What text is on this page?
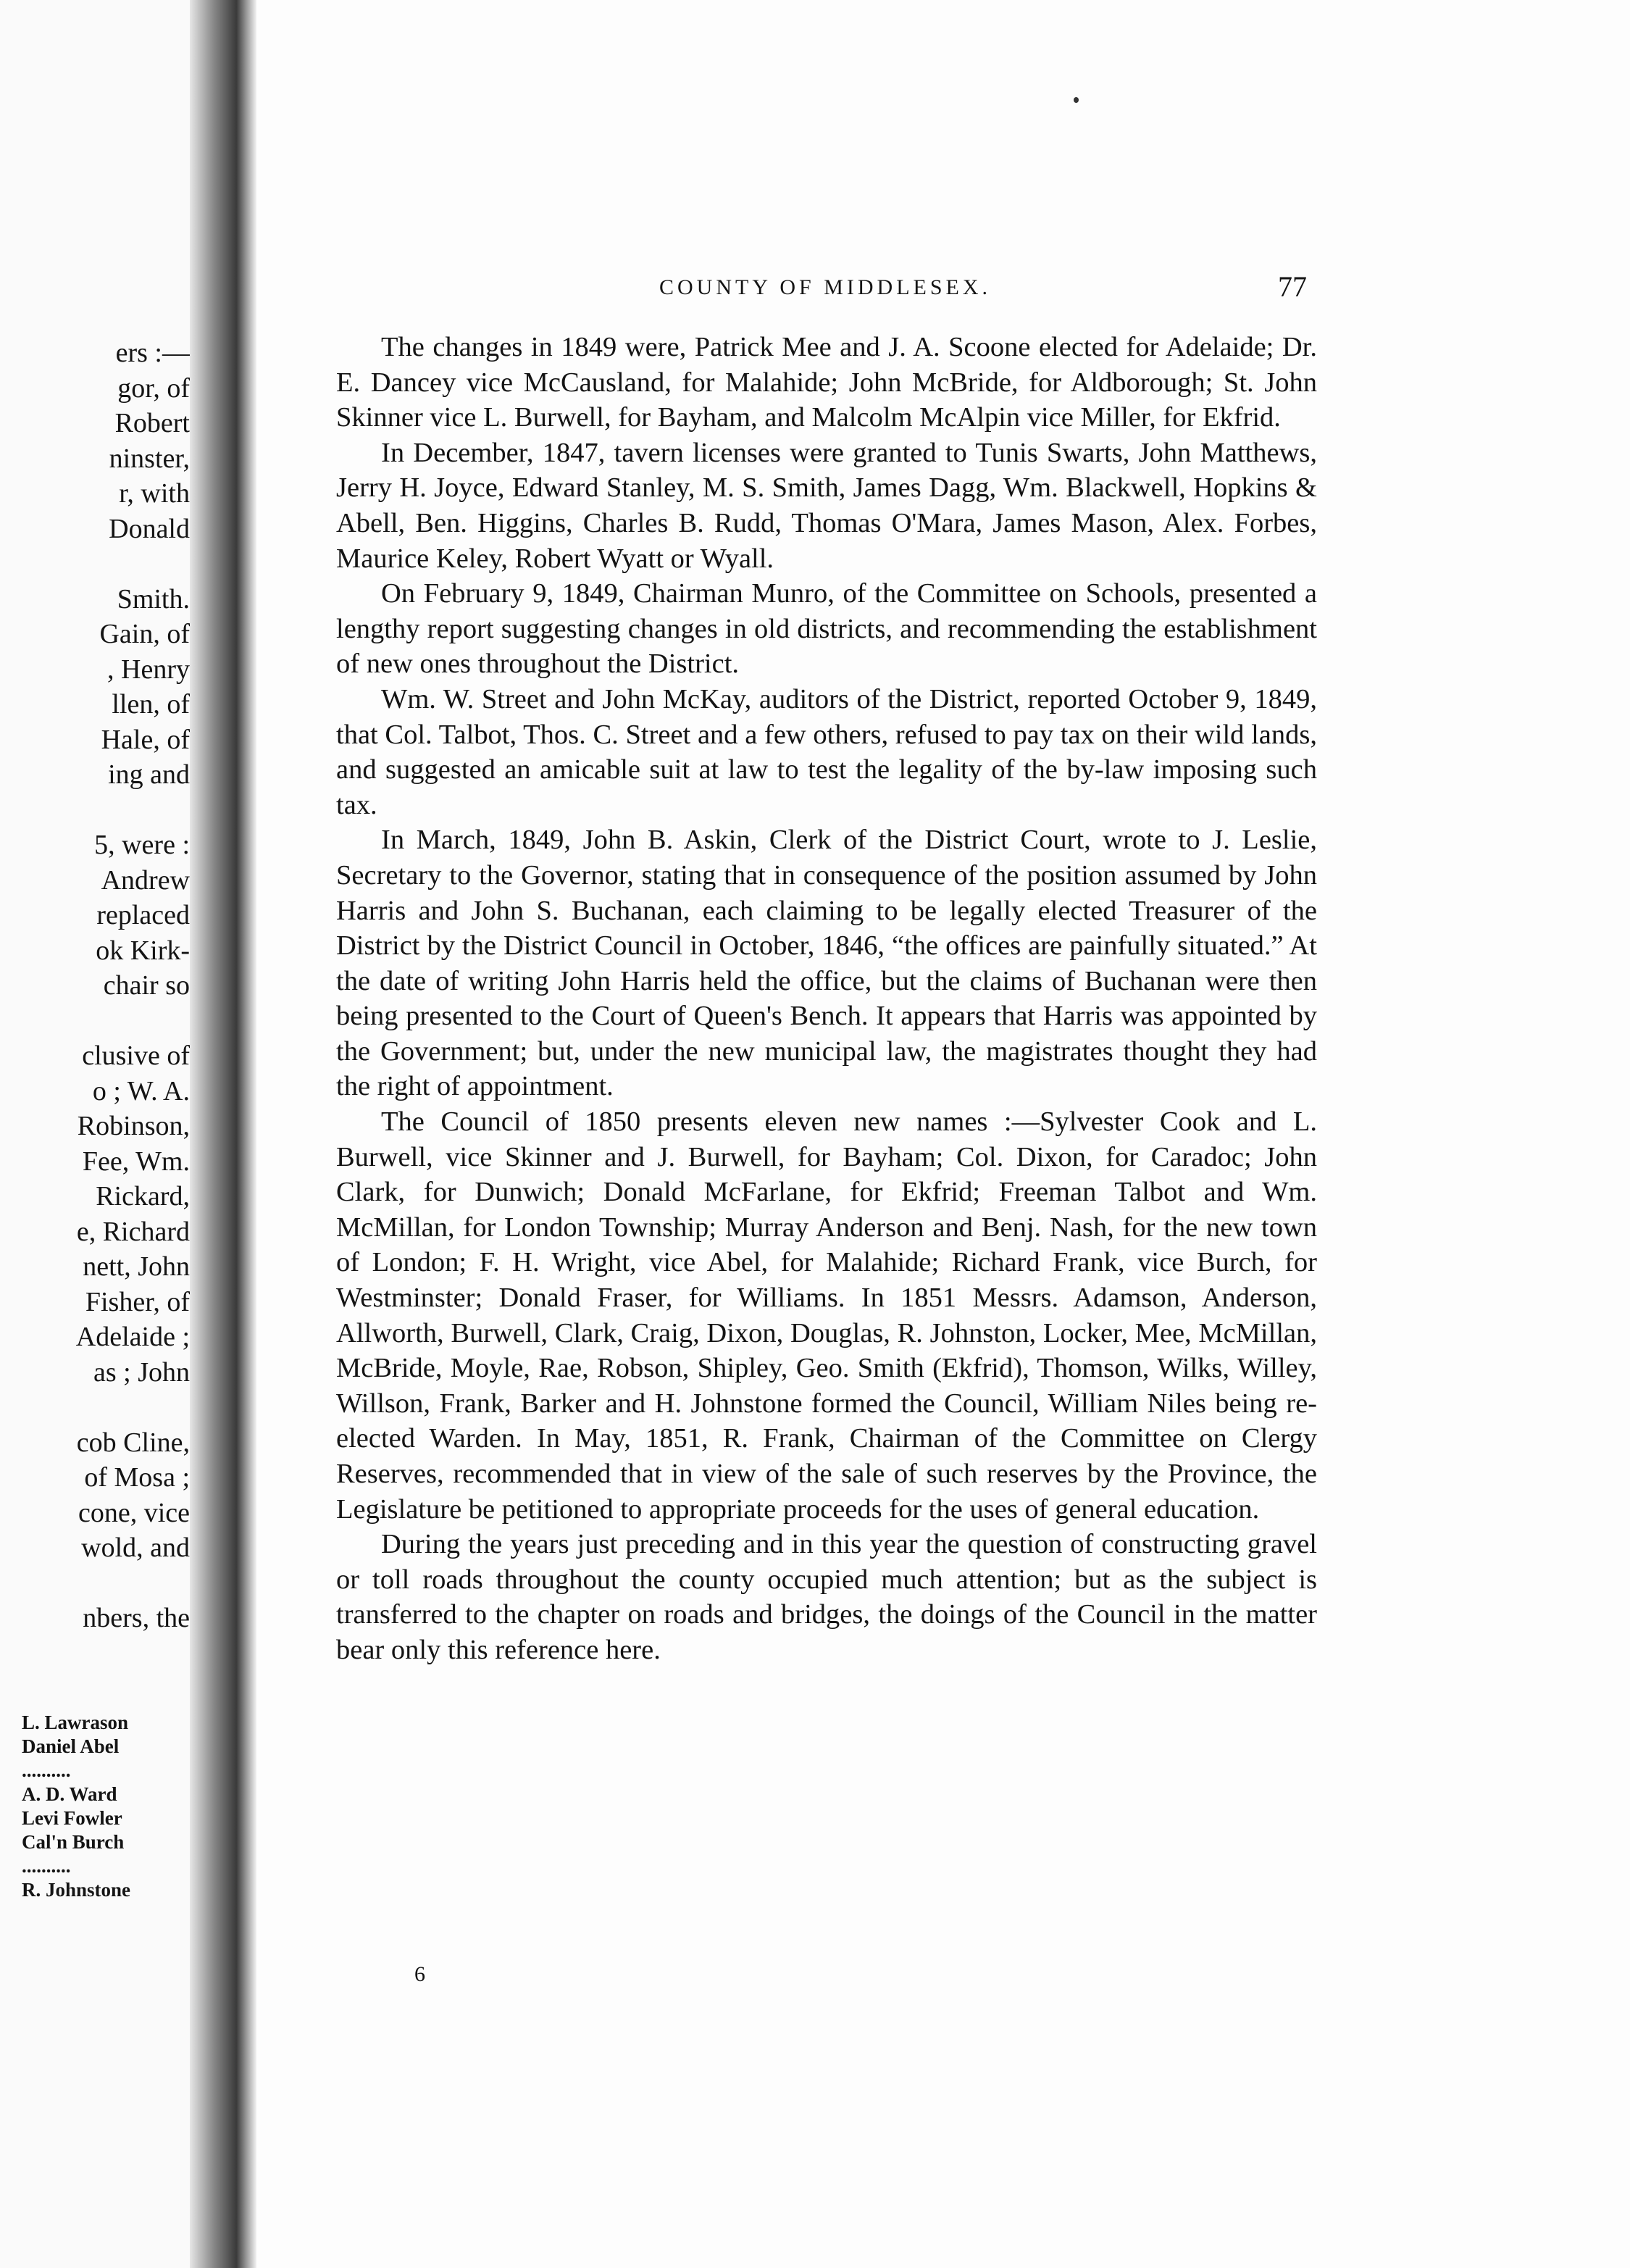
ers :—
gor, of
Robert
ninster,
r, with
Donald
Smith.
Gain, of
, Henry
llen, of
Hale, of
ing and
5, were :
Andrew
replaced
ok Kirk-
chair so
clusive of
o ; W. A.
Robinson,
Fee, Wm.
Rickard,
e, Richard
nett, John
Fisher, of
Adelaide ;
as ; John
cob Cline,
of Mosa ;
cone, vice
wold, and
nbers, the
L. Lawrason
Daniel Abel
..........
A. D. Ward
Levi Fowler
Cal'n Burch
..........
R. Johnstone
COUNTY OF MIDDLESEX.	77

The changes in 1849 were, Patrick Mee and J. A. Scoone elected for Adelaide; Dr. E. Dancey vice McCausland, for Malahide; John McBride, for Aldborough; St. John Skinner vice L. Burwell, for Bayham, and Malcolm McAlpin vice Miller, for Ekfrid.

In December, 1847, tavern licenses were granted to Tunis Swarts, John Matthews, Jerry H. Joyce, Edward Stanley, M. S. Smith, James Dagg, Wm. Blackwell, Hopkins & Abell, Ben. Higgins, Charles B. Rudd, Thomas O'Mara, James Mason, Alex. Forbes, Maurice Keley, Robert Wyatt or Wyall.

On February 9, 1849, Chairman Munro, of the Committee on Schools, presented a lengthy report suggesting changes in old districts, and recommending the establishment of new ones throughout the District.

Wm. W. Street and John McKay, auditors of the District, reported October 9, 1849, that Col. Talbot, Thos. C. Street and a few others, refused to pay tax on their wild lands, and suggested an amicable suit at law to test the legality of the by-law imposing such tax.

In March, 1849, John B. Askin, Clerk of the District Court, wrote to J. Leslie, Secretary to the Governor, stating that in consequence of the position assumed by John Harris and John S. Buchanan, each claiming to be legally elected Treasurer of the District by the District Council in October, 1846, “the offices are painfully situated.” At the date of writing John Harris held the office, but the claims of Buchanan were then being presented to the Court of Queen's Bench. It appears that Harris was appointed by the Government; but, under the new municipal law, the magistrates thought they had the right of appointment.

The Council of 1850 presents eleven new names :—Sylvester Cook and L. Burwell, vice Skinner and J. Burwell, for Bayham; Col. Dixon, for Caradoc; John Clark, for Dunwich; Donald McFarlane, for Ekfrid; Freeman Talbot and Wm. McMillan, for London Township; Murray Anderson and Benj. Nash, for the new town of London; F. H. Wright, vice Abel, for Malahide; Richard Frank, vice Burch, for Westminster; Donald Fraser, for Williams. In 1851 Messrs. Adamson, Anderson, Allworth, Burwell, Clark, Craig, Dixon, Douglas, R. Johnston, Locker, Mee, McMillan, McBride, Moyle, Rae, Robson, Shipley, Geo. Smith (Ekfrid), Thomson, Wilks, Willey, Willson, Frank, Barker and H. Johnstone formed the Council, William Niles being re-elected Warden. In May, 1851, R. Frank, Chairman of the Committee on Clergy Reserves, recommended that in view of the sale of such reserves by the Province, the Legislature be petitioned to appropriate proceeds for the uses of general education.

During the years just preceding and in this year the question of constructing gravel or toll roads throughout the county occupied much attention; but as the subject is transferred to the chapter on roads and bridges, the doings of the Council in the matter bear only this reference here.

6
